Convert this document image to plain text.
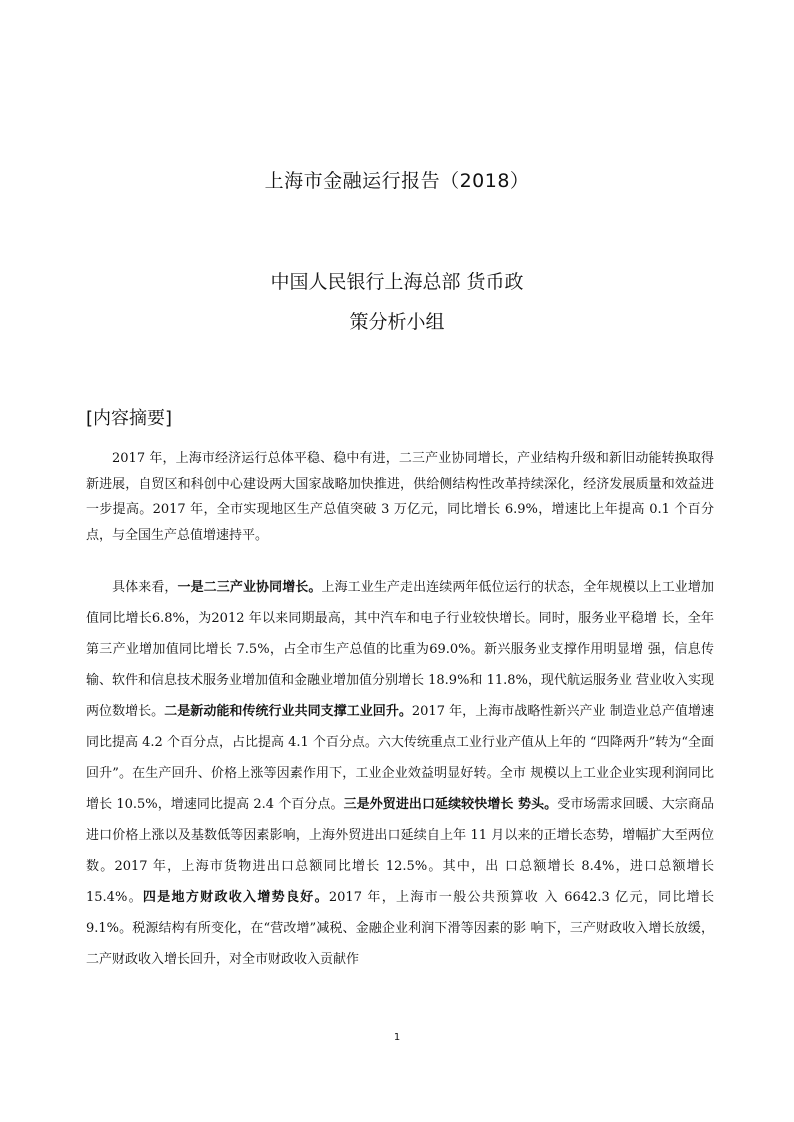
上海市金融运行报告（2018）
中国人民银行上海总部 货币政
策分析小组
[内容摘要]

2017 年，上海市经济运行总体平稳、稳中有进，二三产业协同增长，产业结构升级和新旧动能转换取得新进展，自贸区和科创中心建设两大国家战略加快推进，供给侧结构性改革持续深化，经济发展质量和效益进一步提高。2017 年，全市实现地区生产总值突破 3 万亿元，同比增长 6.9%，增速比上年提高 0.1 个百分点，与全国生产总值增速持平。

具体来看，一是二三产业协同增长。上海工业生产走出连续两年低位运行的状态，全年规模以上工业增加值同比增长6.8%，为2012 年以来同期最高，其中汽车和电子行业较快增长。同时，服务业平稳增 长，全年第三产业增加值同比增长 7.5%，占全市生产总值的比重为69.0%。新兴服务业支撑作用明显增 强，信息传输、软件和信息技术服务业增加值和金融业增加值分别增长 18.9%和 11.8%，现代航运服务业 营业收入实现两位数增长。二是新动能和传统行业共同支撑工业回升。2017 年，上海市战略性新兴产业 制造业总产值增速同比提高 4.2 个百分点，占比提高 4.1 个百分点。六大传统重点工业行业产值从上年的 “四降两升”转为“全面回升”。在生产回升、价格上涨等因素作用下，工业企业效益明显好转。全市 规模以上工业企业实现利润同比增长 10.5%，增速同比提高 2.4 个百分点。三是外贸进出口延续较快增长 势头。受市场需求回暖、大宗商品进口价格上涨以及基数低等因素影响，上海外贸进出口延续自上年 11 月以来的正增长态势，增幅扩大至两位数。2017 年，上海市货物进出口总额同比增长 12.5%。其中，出 口总额增长 8.4%，进口总额增长 15.4%。四是地方财政收入增势良好。2017 年，上海市一般公共预算收 入 6642.3 亿元，同比增长 9.1%。税源结构有所变化，在“营改增”减税、金融企业利润下滑等因素的影 响下，三产财政收入增长放缓，二产财政收入增长回升，对全市财政收入贡献作

1
